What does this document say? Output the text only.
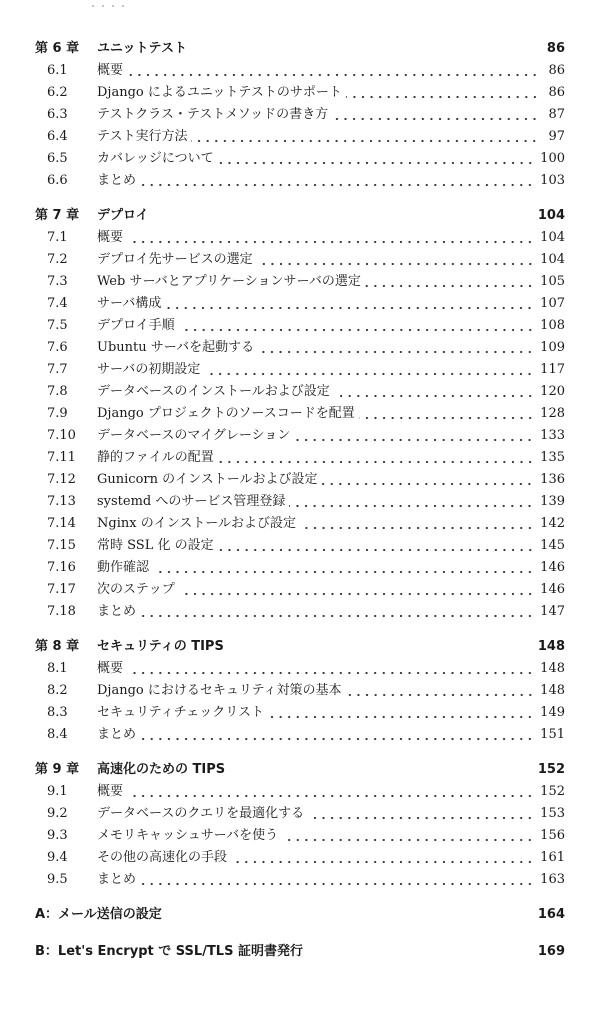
第 6 章	ユニットテスト	86
6.1	概要	86
6.2	Django によるユニットテストのサポート	86
6.3	テストクラス・テストメソッドの書き方	87
6.4	テスト実行方法	97
6.5	カバレッジについて	100
6.6	まとめ	103
第 7 章	デプロイ	104
7.1	概要	104
7.2	デプロイ先サービスの選定	104
7.3	Web サーバとアプリケーションサーバの選定	105
7.4	サーバ構成	107
7.5	デプロイ手順	108
7.6	Ubuntu サーバを起動する	109
7.7	サーバの初期設定	117
7.8	データベースのインストールおよび設定	120
7.9	Django プロジェクトのソースコードを配置	128
7.10	データベースのマイグレーション	133
7.11	静的ファイルの配置	135
7.12	Gunicorn のインストールおよび設定	136
7.13	systemd へのサービス管理登録	139
7.14	Nginx のインストールおよび設定	142
7.15	常時 SSL 化 の設定	145
7.16	動作確認	146
7.17	次のステップ	146
7.18	まとめ	147
第 8 章	セキュリティの TIPS	148
8.1	概要	148
8.2	Django におけるセキュリティ対策の基本	148
8.3	セキュリティチェックリスト	149
8.4	まとめ	151
第 9 章	高速化のための TIPS	152
9.1	概要	152
9.2	データベースのクエリを最適化する	153
9.3	メモリキャッシュサーバを使う	156
9.4	その他の高速化の手段	161
9.5	まとめ	163
A：メール送信の設定	164
B：Let's Encrypt で SSL/TLS 証明書発行	169
